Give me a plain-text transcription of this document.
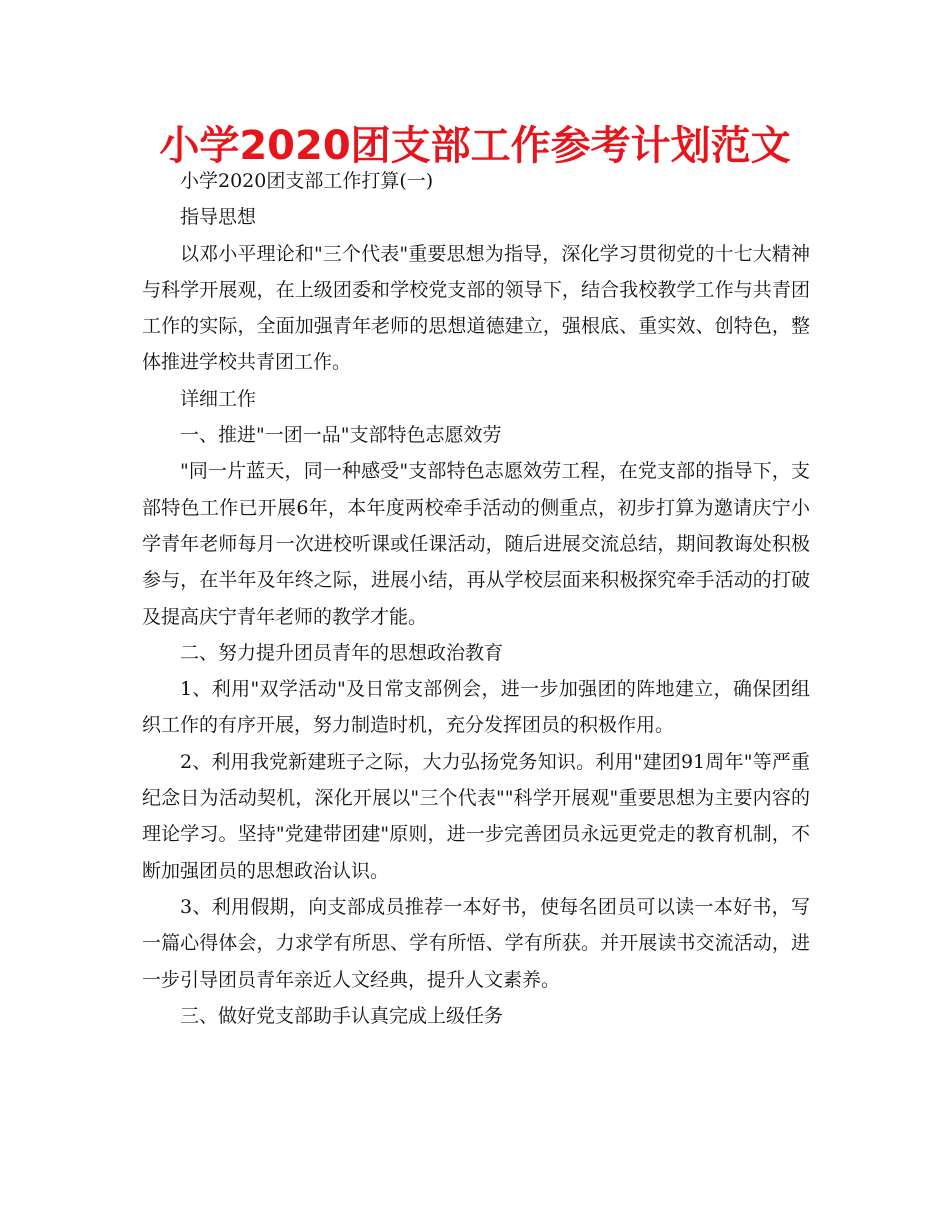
小学2020团支部工作参考计划范文

小学2020团支部工作打算(一)

指导思想

以邓小平理论和"三个代表"重要思想为指导，深化学习贯彻党的十七大精神与科学开展观，在上级团委和学校党支部的领导下，结合我校教学工作与共青团工作的实际，全面加强青年老师的思想道德建立，强根底、重实效、创特色，整体推进学校共青团工作。

详细工作

一、推进"一团一品"支部特色志愿效劳

"同一片蓝天，同一种感受"支部特色志愿效劳工程，在党支部的指导下，支部特色工作已开展6年，本年度两校牵手活动的侧重点，初步打算为邀请庆宁小学青年老师每月一次进校听课或任课活动，随后进展交流总结，期间教诲处积极参与，在半年及年终之际，进展小结，再从学校层面来积极探究牵手活动的打破及提高庆宁青年老师的教学才能。

二、努力提升团员青年的思想政治教育

1、利用"双学活动"及日常支部例会，进一步加强团的阵地建立，确保团组织工作的有序开展，努力制造时机，充分发挥团员的积极作用。

2、利用我党新建班子之际，大力弘扬党务知识。利用"建团91周年"等严重纪念日为活动契机，深化开展以"三个代表""科学开展观"重要思想为主要内容的理论学习。坚持"党建带团建"原则，进一步完善团员永远更党走的教育机制，不断加强团员的思想政治认识。

3、利用假期，向支部成员推荐一本好书，使每名团员可以读一本好书，写一篇心得体会，力求学有所思、学有所悟、学有所获。并开展读书交流活动，进一步引导团员青年亲近人文经典，提升人文素养。

三、做好党支部助手认真完成上级任务
